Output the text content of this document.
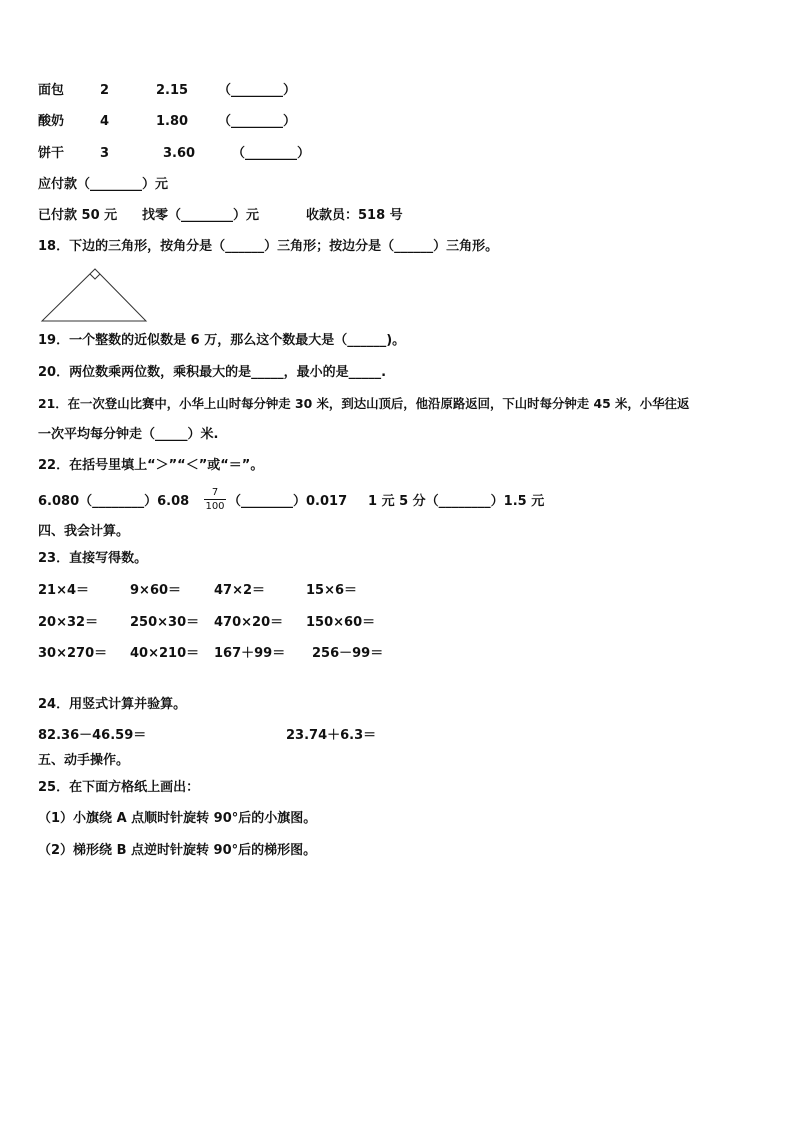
面包	2	2.15 （________）
酸奶	4	1.80 （________）
饼干	3	3.60	（________）
应付款（________）元
已付款 50 元 找零（________）元	收款员：518 号
18．下边的三角形，按角分是（______）三角形；按边分是（______）三角形。
19．一个整数的近似数是 6 万，那么这个数最大是（______)。
20．两位数乘两位数，乘积最大的是_____，最小的是_____.
21．在一次登山比赛中，小华上山时每分钟走 30 米，到达山顶后，他沿原路返回，下山时每分钟走 45 米，小华往返
一次平均每分钟走（_____）米.
22．在括号里填上“＞”“＜”或“＝”。
6.080（________）6.08 $\frac{7}{100}$ （________）0.017 1 元 5 分（________）1.5 元
四、我会计算。
23．直接写得数。
21×4＝	9×60＝	47×2＝	15×6＝
20×32＝ 250×30＝ 470×20＝ 150×60＝
30×270＝ 40×210＝ 167＋99＝ 256－99＝
24．用竖式计算并验算。
82.36－46.59＝	23.74＋6.3＝
五、动手操作。
25．在下面方格纸上画出：
（1）小旗绕 A 点顺时针旋转 90°后的小旗图。
（2）梯形绕 B 点逆时针旋转 90°后的梯形图。
